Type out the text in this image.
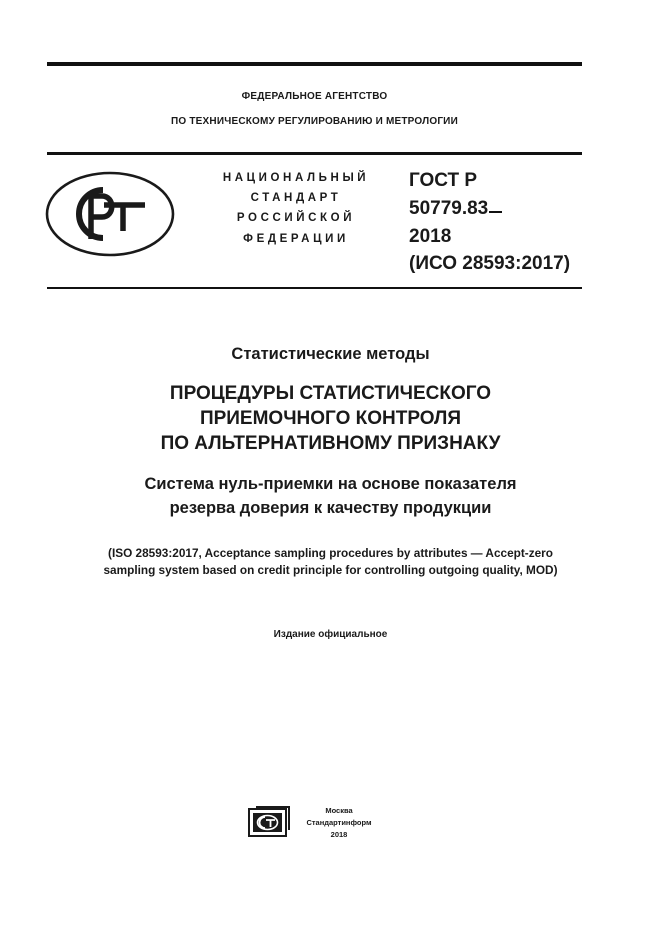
ФЕДЕРАЛЬНОЕ АГЕНТСТВО
ПО ТЕХНИЧЕСКОМУ РЕГУЛИРОВАНИЮ И МЕТРОЛОГИИ
НАЦИОНАЛЬНЫЙ
СТАНДАРТ
РОССИЙСКОЙ
ФЕДЕРАЦИИ
ГОСТ Р
50779.83
2018
(ИСО 28593:2017)
Статистические методы
ПРОЦЕДУРЫ СТАТИСТИЧЕСКОГО
ПРИЕМОЧНОГО КОНТРОЛЯ
ПО АЛЬТЕРНАТИВНОМУ ПРИЗНАКУ
Система нуль-приемки на основе показателя
резерва доверия к качеству продукции
(ISO 28593:2017, Acceptance sampling procedures by attributes — Accept-zero
sampling system based on credit principle for controlling outgoing quality, MOD)
Издание официальное
Москва
Стандартинформ
2018
